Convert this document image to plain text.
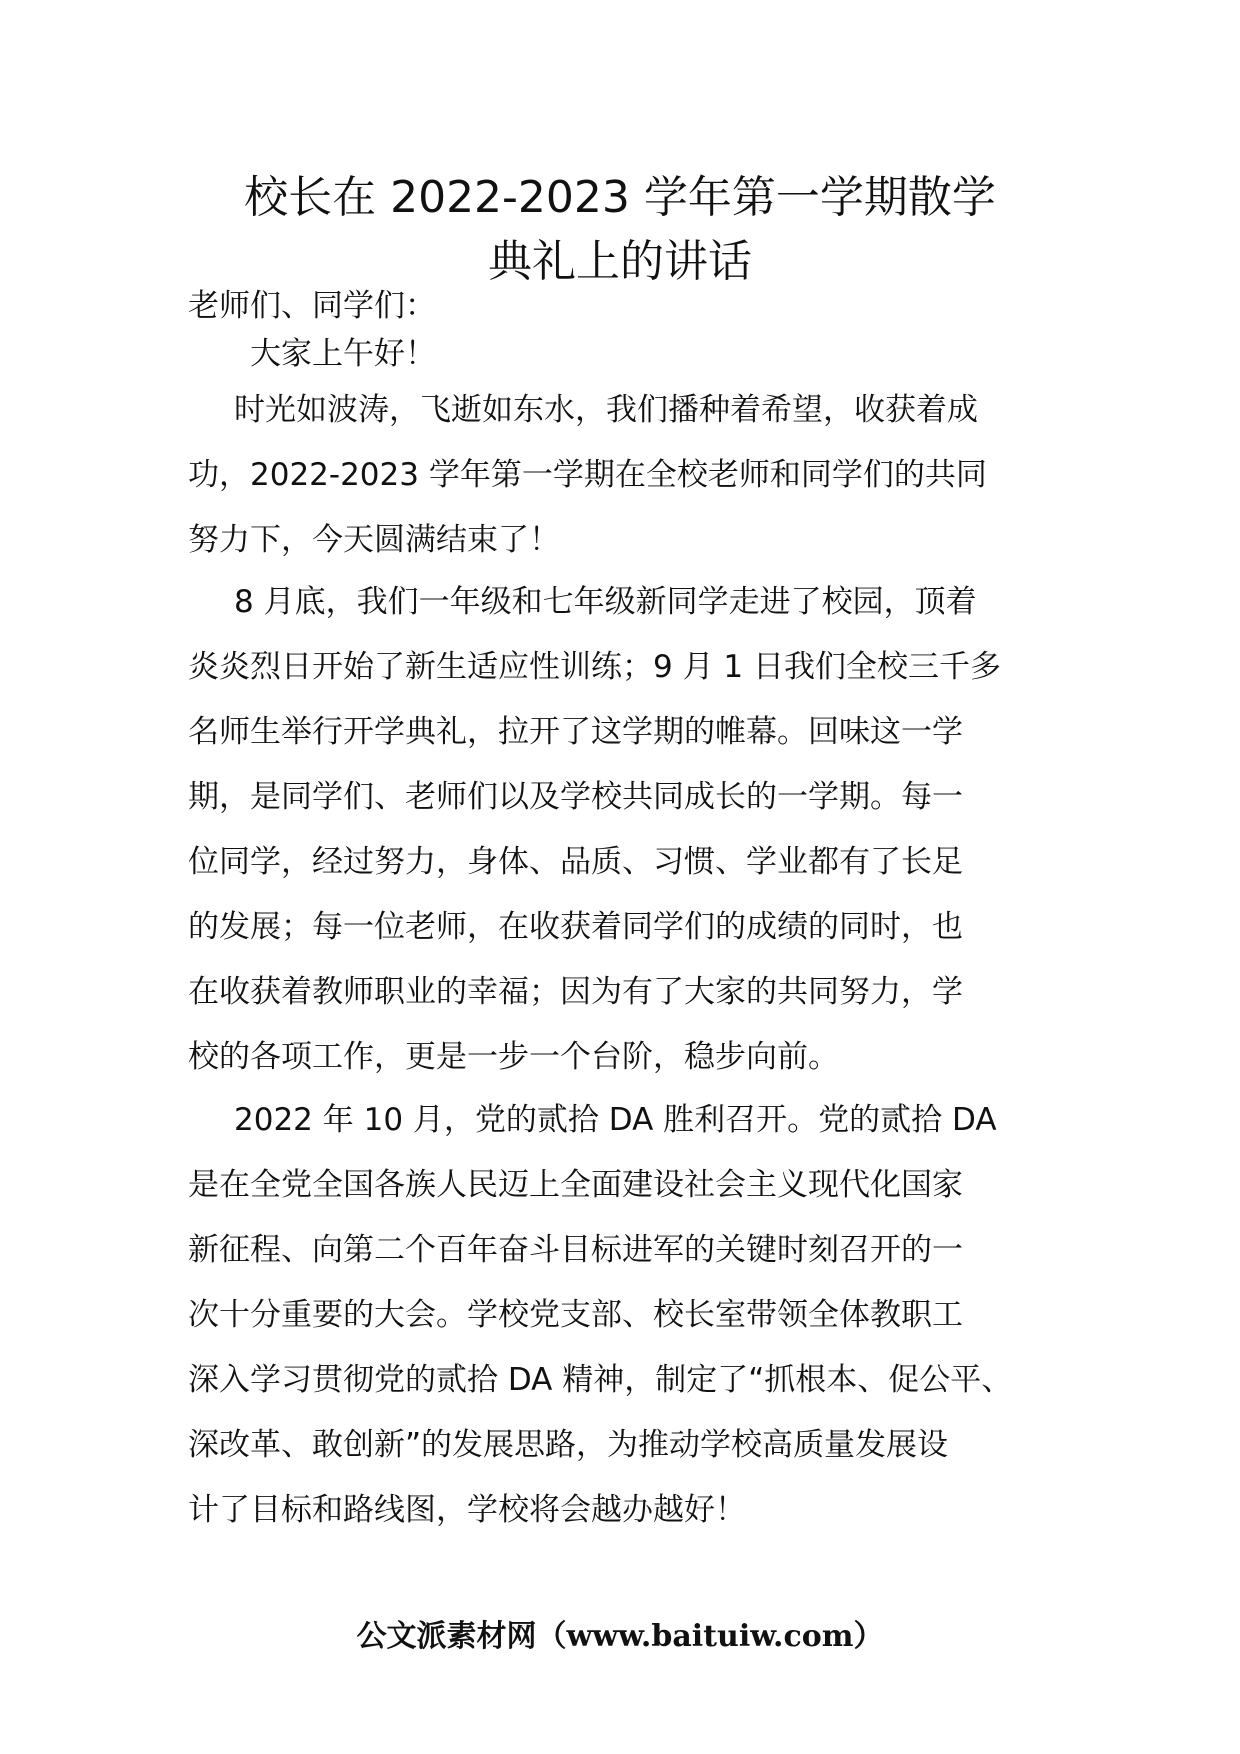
校长在 2022-2023 学年第一学期散学
典礼上的讲话
老师们、同学们：
大家上午好！
时光如波涛，飞逝如东水，我们播种着希望，收获着成
功，2022-2023 学年第一学期在全校老师和同学们的共同
努力下，今天圆满结束了！
8 月底，我们一年级和七年级新同学走进了校园，顶着
炎炎烈日开始了新生适应性训练；9 月 1 日我们全校三千多
名师生举行开学典礼，拉开了这学期的帷幕。回味这一学
期，是同学们、老师们以及学校共同成长的一学期。每一
位同学，经过努力，身体、品质、习惯、学业都有了长足
的发展；每一位老师，在收获着同学们的成绩的同时，也
在收获着教师职业的幸福；因为有了大家的共同努力，学
校的各项工作，更是一步一个台阶，稳步向前。
2022 年 10 月，党的贰拾 DA 胜利召开。党的贰拾 DA
是在全党全国各族人民迈上全面建设社会主义现代化国家
新征程、向第二个百年奋斗目标进军的关键时刻召开的一
次十分重要的大会。学校党支部、校长室带领全体教职工
深入学习贯彻党的贰拾 DA 精神，制定了“抓根本、促公平、
深改革、敢创新”的发展思路，为推动学校高质量发展设
计了目标和路线图，学校将会越办越好！
公文派素材网（www.baituiw.com）
